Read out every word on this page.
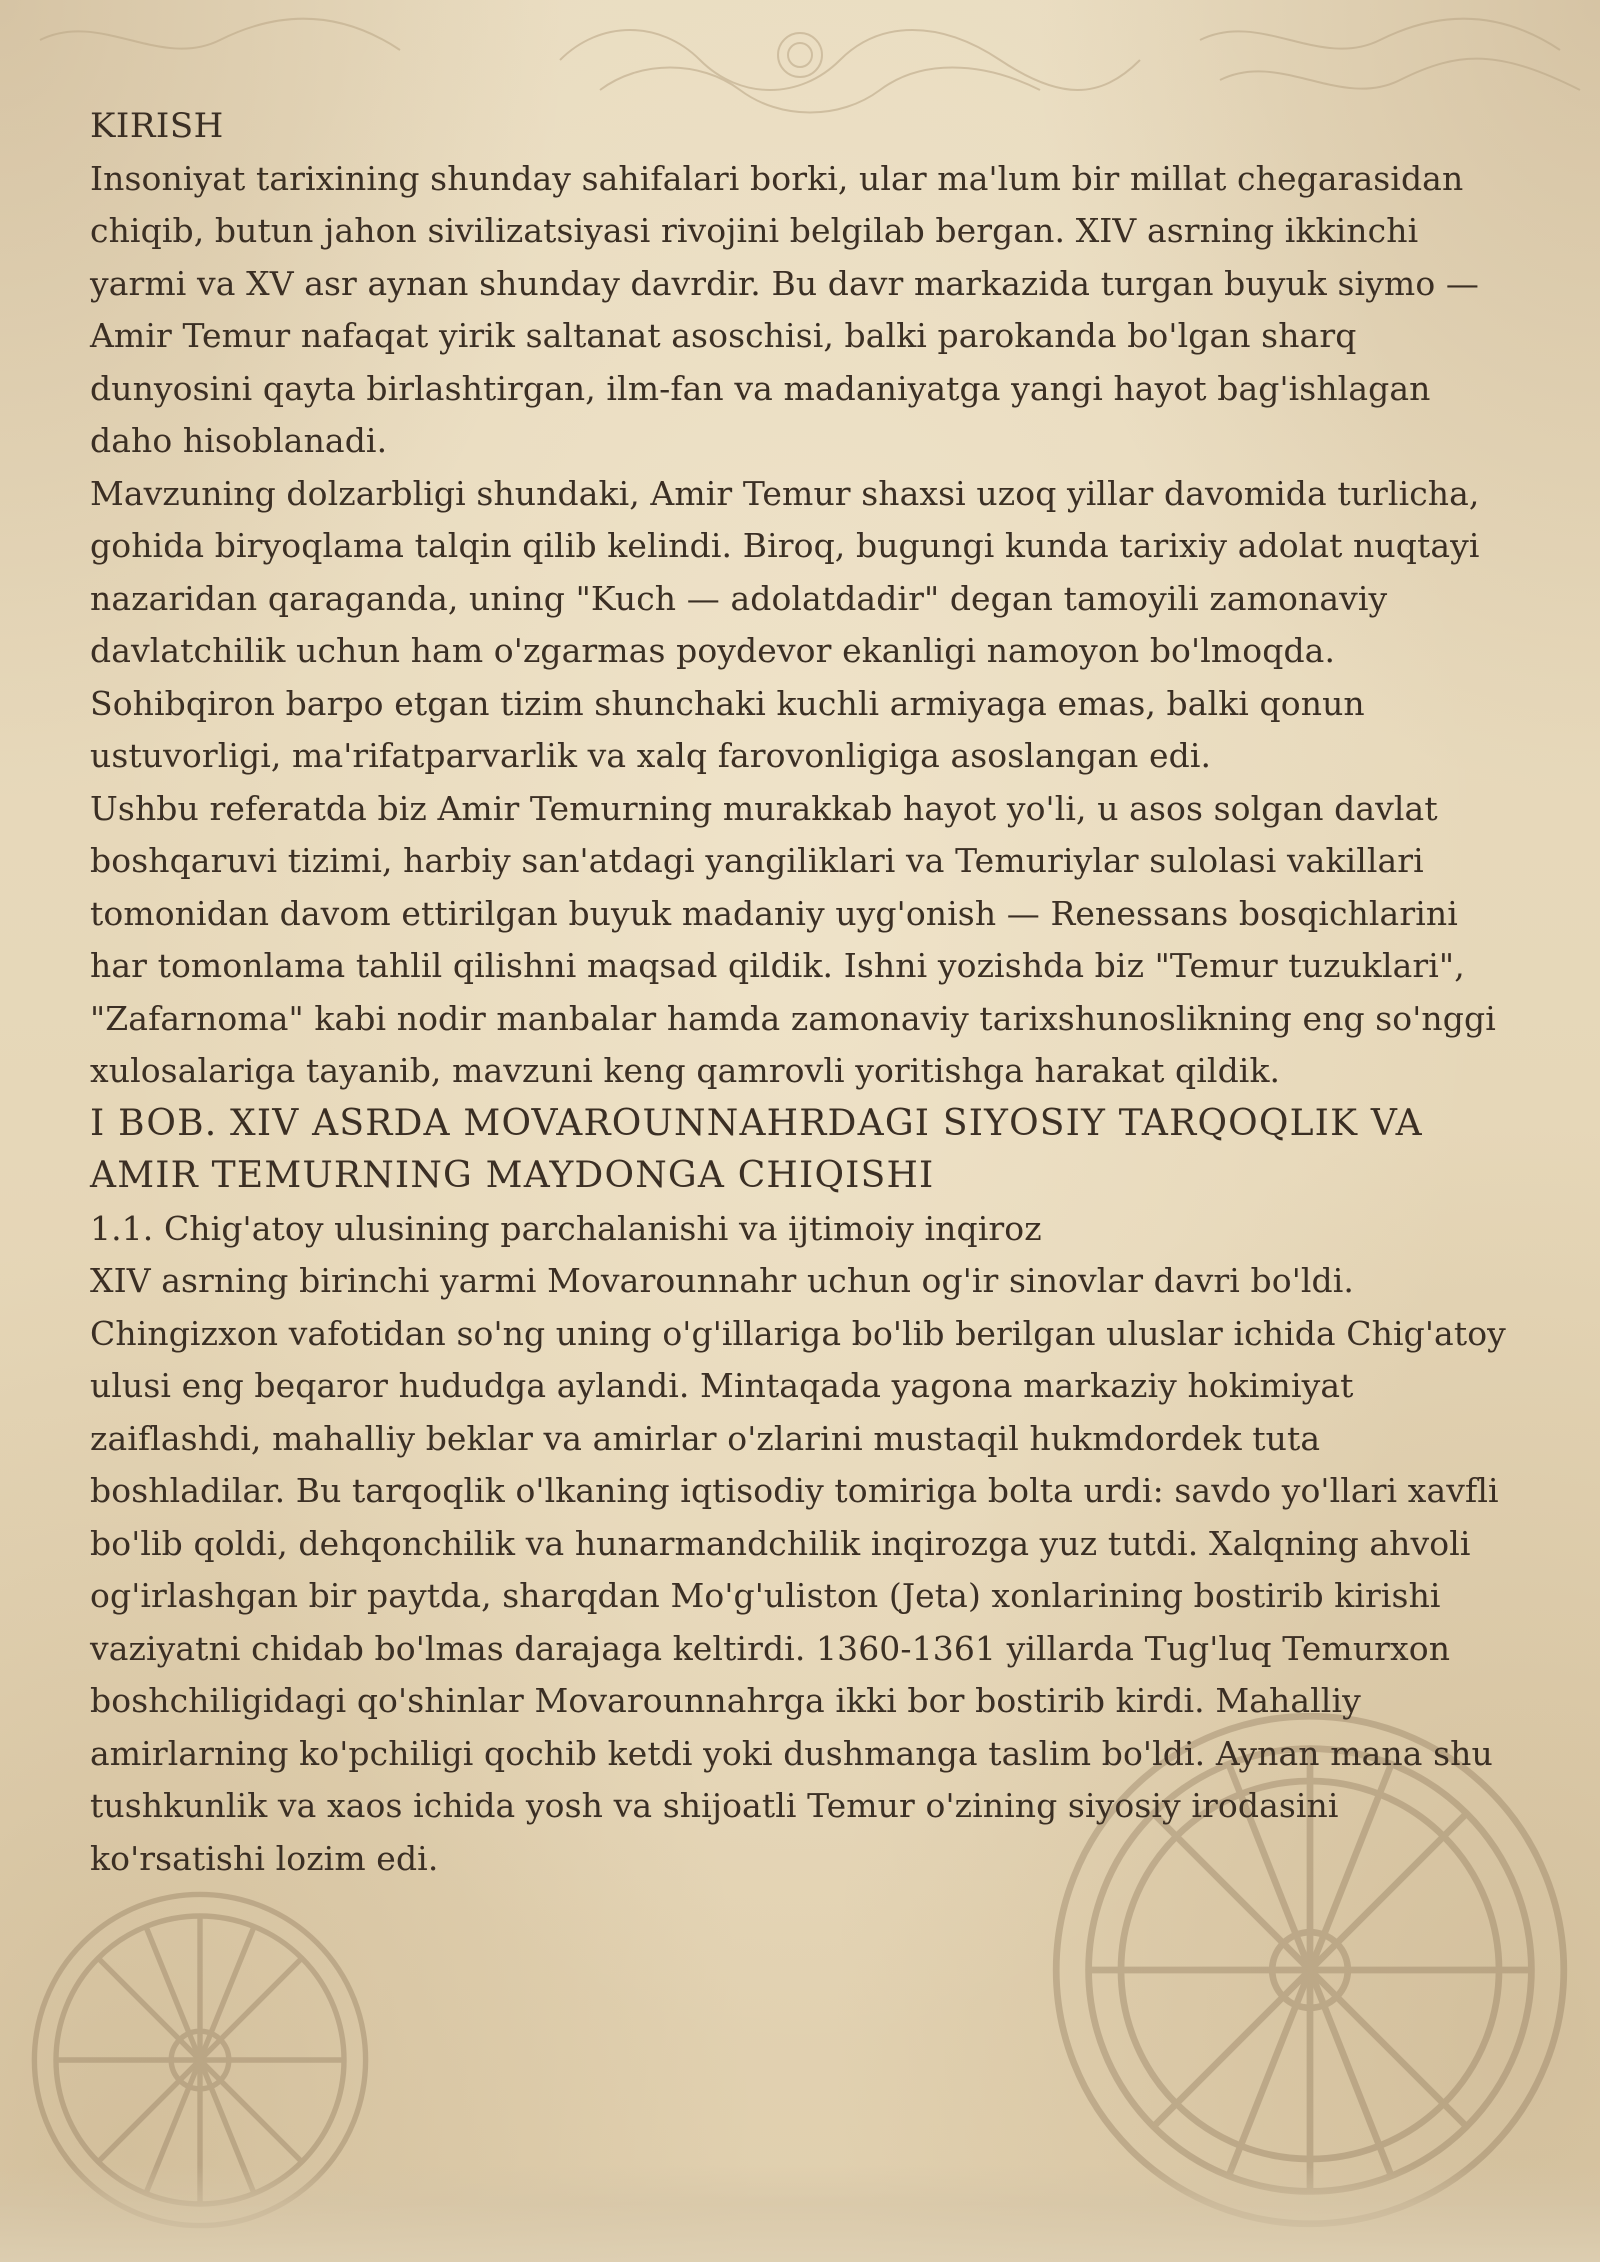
KIRISH

Insoniyat tarixining shunday sahifalari borki, ular ma'lum bir millat chegarasidan chiqib, butun jahon sivilizatsiyasi rivojini belgilab bergan. XIV asrning ikkinchi yarmi va XV asr aynan shunday davrdir. Bu davr markazida turgan buyuk siymo — Amir Temur nafaqat yirik saltanat asoschisi, balki parokanda bo'lgan sharq dunyosini qayta birlashtirgan, ilm-fan va madaniyatga yangi hayot bag'ishlagan daho hisoblanadi.

Mavzuning dolzarbligi shundaki, Amir Temur shaxsi uzoq yillar davomida turlicha, gohida biryoqlama talqin qilib kelindi. Biroq, bugungi kunda tarixiy adolat nuqtayi nazaridan qaraganda, uning "Kuch — adolatdadir" degan tamoyili zamonaviy davlatchilik uchun ham o'zgarmas poydevor ekanligi namoyon bo'lmoqda. Sohibqiron barpo etgan tizim shunchaki kuchli armiyaga emas, balki qonun ustuvorligi, ma'rifatparvarlik va xalq farovonligiga asoslangan edi.

Ushbu referatda biz Amir Temurning murakkab hayot yo'li, u asos solgan davlat boshqaruvi tizimi, harbiy san'atdagi yangiliklari va Temuriylar sulolasi vakillari tomonidan davom ettirilgan buyuk madaniy uyg'onish — Renessans bosqichlarini har tomonlama tahlil qilishni maqsad qildik. Ishni yozishda biz "Temur tuzuklari", "Zafarnoma" kabi nodir manbalar hamda zamonaviy tarixshunoslikning eng so'nggi xulosalariga tayanib, mavzuni keng qamrovli yoritishga harakat qildik.

I BOB. XIV ASRDA MOVAROUNNAHRDAGI SIYOSIY TARQOQLIK VA AMIR TEMURNING MAYDONGA CHIQISHI
1.1. Chig'atoy ulusining parchalanishi va ijtimoiy inqiroz

XIV asrning birinchi yarmi Movarounnahr uchun og'ir sinovlar davri bo'ldi. Chingizxon vafotidan so'ng uning o'g'illariga bo'lib berilgan uluslar ichida Chig'atoy ulusi eng beqaror hududga aylandi. Mintaqada yagona markaziy hokimiyat zaiflashdi, mahalliy beklar va amirlar o'zlarini mustaqil hukmdordek tuta boshladilar. Bu tarqoqlik o'lkaning iqtisodiy tomiriga bolta urdi: savdo yo'llari xavfli bo'lib qoldi, dehqonchilik va hunarmandchilik inqirozga yuz tutdi. Xalqning ahvoli og'irlashgan bir paytda, sharqdan Mo'g'uliston (Jeta) xonlarining bostirib kirishi vaziyatni chidab bo'lmas darajaga keltirdi. 1360-1361 yillarda Tug'luq Temurxon boshchiligidagi qo'shinlar Movarounnahrga ikki bor bostirib kirdi. Mahalliy amirlarning ko'pchiligi qochib ketdi yoki dushmanga taslim bo'ldi. Aynan mana shu tushkunlik va xaos ichida yosh va shijoatli Temur o'zining siyosiy irodasini ko'rsatishi lozim edi.
